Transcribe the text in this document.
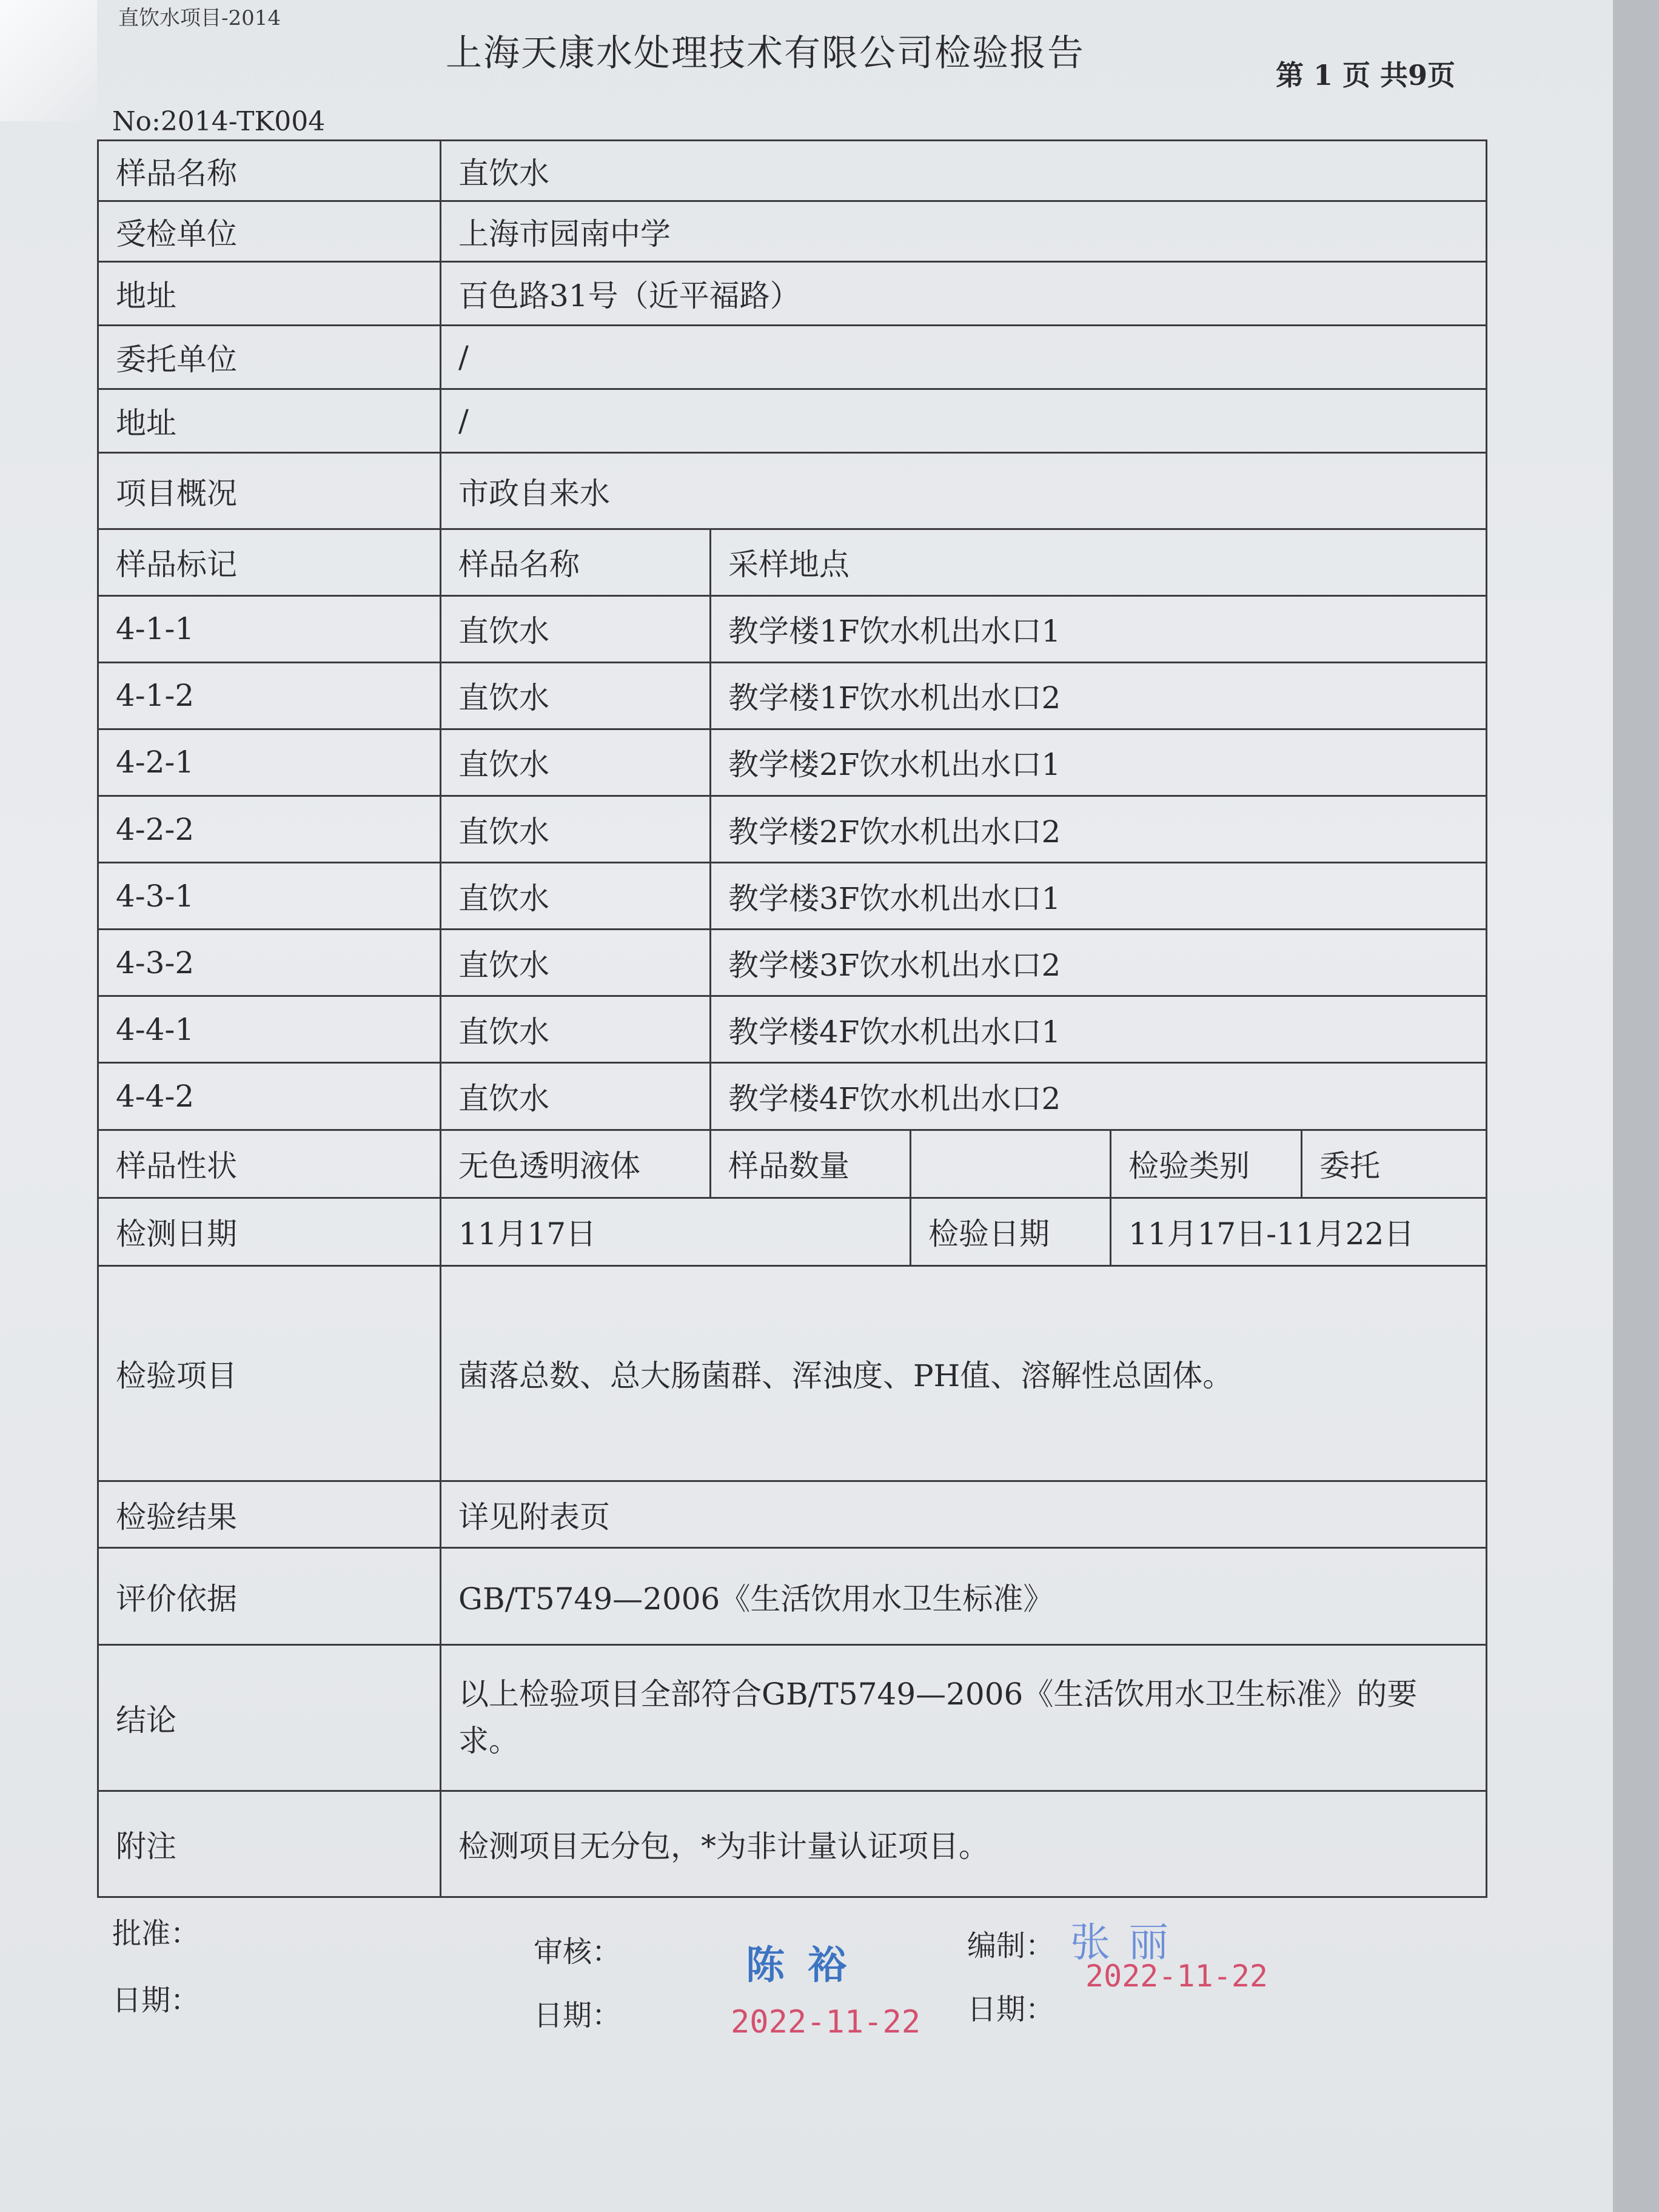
直饮水项目-2014
上海天康水处理技术有限公司检验报告
第 1 页 共9页
No:2014-TK004
样品名称	直饮水				
受检单位	上海市园南中学				
地址	百色路31号（近平福路）				
委托单位	/				
地址	/				
项目概况	市政自来水				
样品标记	样品名称	采样地点			
4-1-1	直饮水	教学楼1F饮水机出水口1			
4-1-2	直饮水	教学楼1F饮水机出水口2			
4-2-1	直饮水	教学楼2F饮水机出水口1			
4-2-2	直饮水	教学楼2F饮水机出水口2			
4-3-1	直饮水	教学楼3F饮水机出水口1			
4-3-2	直饮水	教学楼3F饮水机出水口2			
4-4-1	直饮水	教学楼4F饮水机出水口1			
4-4-2	直饮水	教学楼4F饮水机出水口2			
样品性状	无色透明液体	样品数量		检验类别	委托
检测日期	11月17日		检验日期	11月17日-11月22日	
检验项目	菌落总数、总大肠菌群、浑浊度、PH值、溶解性总固体。				
检验结果	详见附表页				
评价依据	GB/T5749—2006《生活饮用水卫生标准》				
结论	以上检验项目全部符合GB/T5749—2006《生活饮用水卫生标准》的要求。				
附注	检测项目无分包，*为非计量认证项目。				
批准：
日期：
审核：	陈裕
日期：	2022-11-22
编制： 张丽
日期：
2022-11-22
